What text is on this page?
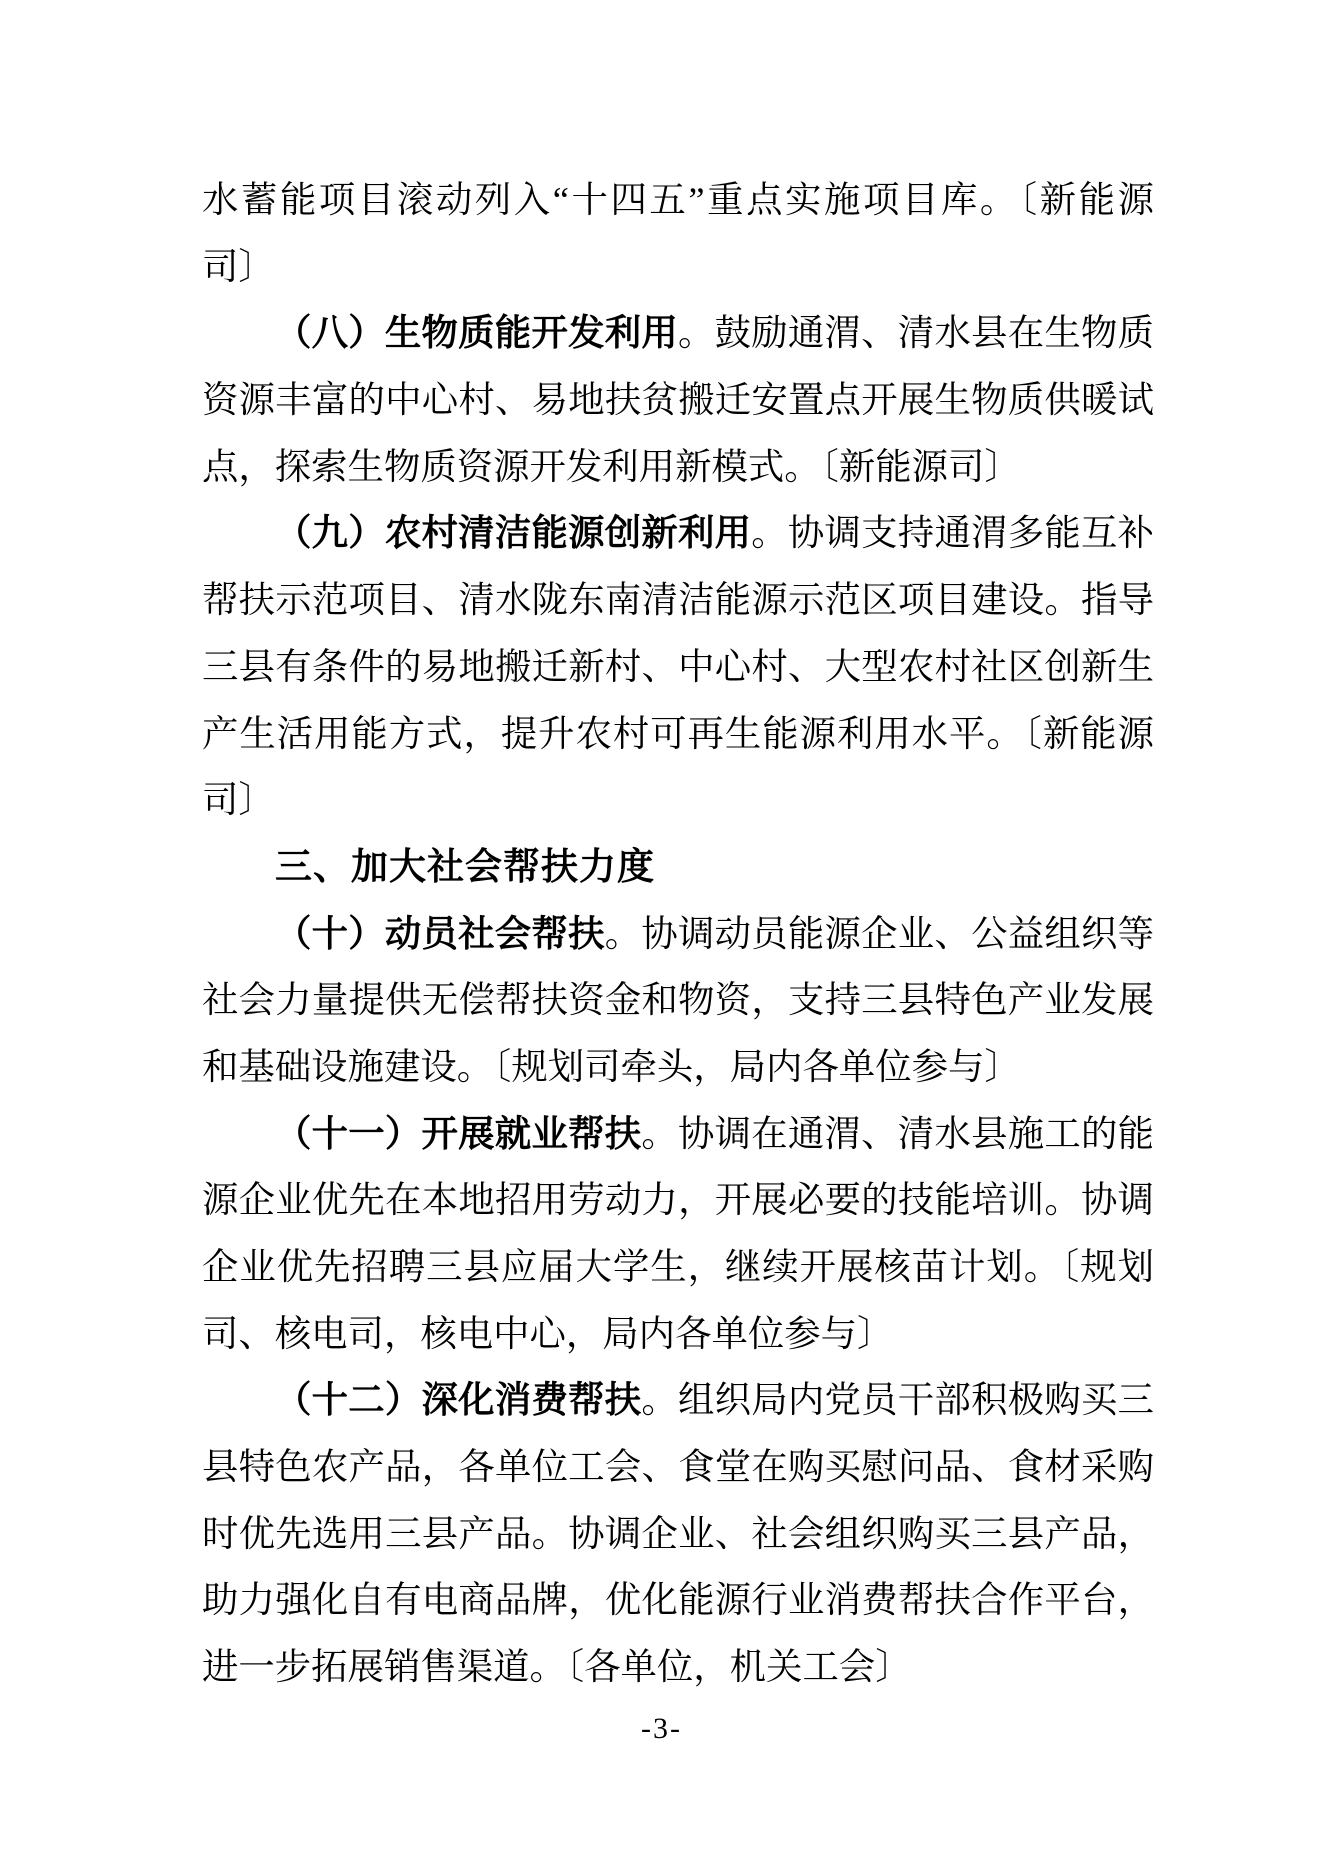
水蓄能项目滚动列入“十四五”重点实施项目库。〔新能源
司〕
（八）生物质能开发利用。鼓励通渭、清水县在生物质
资源丰富的中心村、易地扶贫搬迁安置点开展生物质供暖试
点，探索生物质资源开发利用新模式。〔新能源司〕
（九）农村清洁能源创新利用。协调支持通渭多能互补
帮扶示范项目、清水陇东南清洁能源示范区项目建设。指导
三县有条件的易地搬迁新村、中心村、大型农村社区创新生
产生活用能方式，提升农村可再生能源利用水平。〔新能源
司〕
三、加大社会帮扶力度
（十）动员社会帮扶。协调动员能源企业、公益组织等
社会力量提供无偿帮扶资金和物资，支持三县特色产业发展
和基础设施建设。〔规划司牵头，局内各单位参与〕
（十一）开展就业帮扶。协调在通渭、清水县施工的能
源企业优先在本地招用劳动力，开展必要的技能培训。协调
企业优先招聘三县应届大学生，继续开展核苗计划。〔规划
司、核电司，核电中心，局内各单位参与〕
（十二）深化消费帮扶。组织局内党员干部积极购买三
县特色农产品，各单位工会、食堂在购买慰问品、食材采购
时优先选用三县产品。协调企业、社会组织购买三县产品，
助力强化自有电商品牌，优化能源行业消费帮扶合作平台，
进一步拓展销售渠道。〔各单位，机关工会〕
-3-
